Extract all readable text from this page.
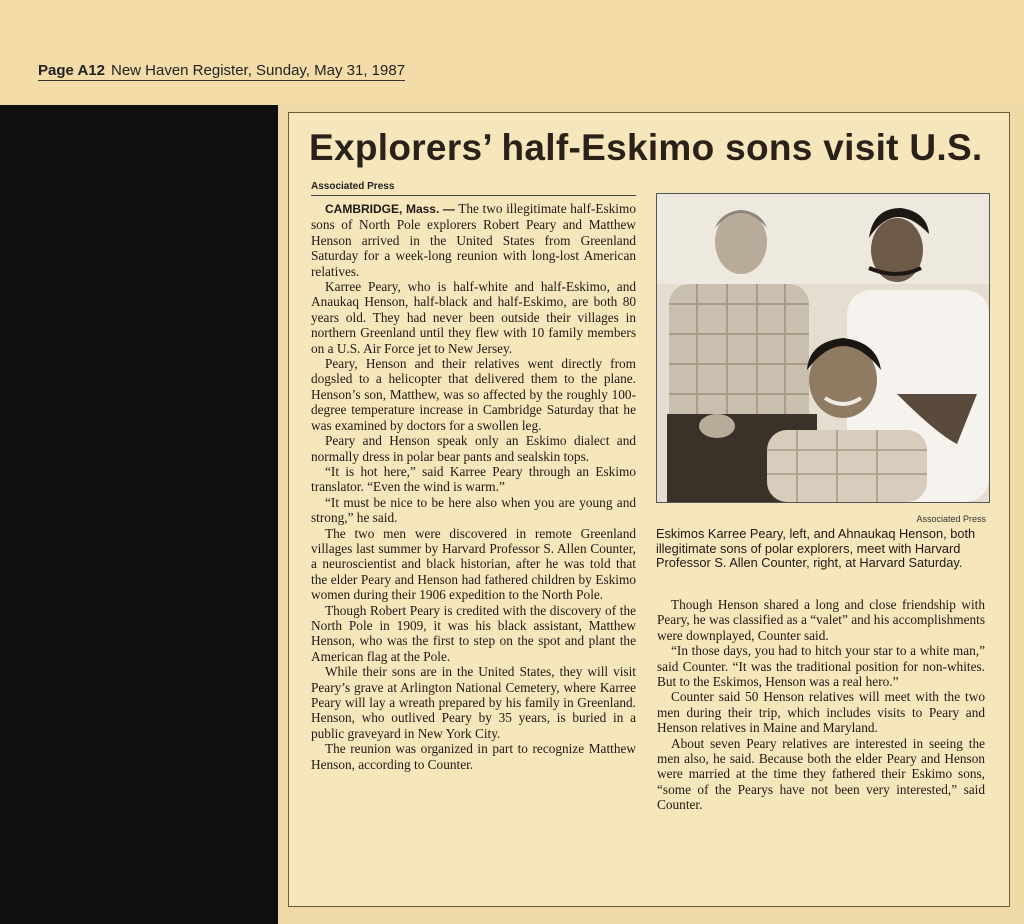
Page A12 New Haven Register, Sunday, May 31, 1987
Explorers’ half-Eskimo sons visit U.S.
Associated Press

CAMBRIDGE, Mass. — The two illegitimate half-Eskimo sons of North Pole explorers Robert Peary and Matthew Henson arrived in the United States from Greenland Saturday for a week-long reunion with long-lost American relatives.

Karree Peary, who is half-white and half-Eskimo, and Anaukaq Henson, half-black and half-Eskimo, are both 80 years old. They had never been outside their villages in northern Greenland until they flew with 10 family members on a U.S. Air Force jet to New Jersey.

Peary, Henson and their relatives went directly from dogsled to a helicopter that delivered them to the plane. Henson’s son, Matthew, was so affected by the roughly 100-degree temperature increase in Cambridge Saturday that he was examined by doctors for a swollen leg.

Peary and Henson speak only an Eskimo dialect and normally dress in polar bear pants and sealskin tops.

“It is hot here,” said Karree Peary through an Eskimo translator. “Even the wind is warm.”

“It must be nice to be here also when you are young and strong,” he said.

The two men were discovered in remote Greenland villages last summer by Harvard Professor S. Allen Counter, a neuroscientist and black historian, after he was told that the elder Peary and Henson had fathered children by Eskimo women during their 1906 expedition to the North Pole.

Though Robert Peary is credited with the discovery of the North Pole in 1909, it was his black assistant, Matthew Henson, who was the first to step on the spot and plant the American flag at the Pole.

While their sons are in the United States, they will visit Peary’s grave at Arlington National Cemetery, where Karree Peary will lay a wreath prepared by his family in Greenland. Henson, who outlived Peary by 35 years, is buried in a public graveyard in New York City.

The reunion was organized in part to recognize Matthew Henson, according to Counter.

Associated Press
Eskimos Karree Peary, left, and Ahnaukaq Henson, both illegitimate sons of polar explorers, meet with Harvard Professor S. Allen Counter, right, at Harvard Saturday.

Though Henson shared a long and close friendship with Peary, he was classified as a “valet” and his accomplishments were downplayed, Counter said.

“In those days, you had to hitch your star to a white man,” said Counter. “It was the traditional position for non-whites. But to the Eskimos, Henson was a real hero.”

Counter said 50 Henson relatives will meet with the two men during their trip, which includes visits to Peary and Henson relatives in Maine and Maryland.

About seven Peary relatives are interested in seeing the men also, he said. Because both the elder Peary and Henson were married at the time they fathered their Eskimo sons, “some of the Pearys have not been very interested,” said Counter.
